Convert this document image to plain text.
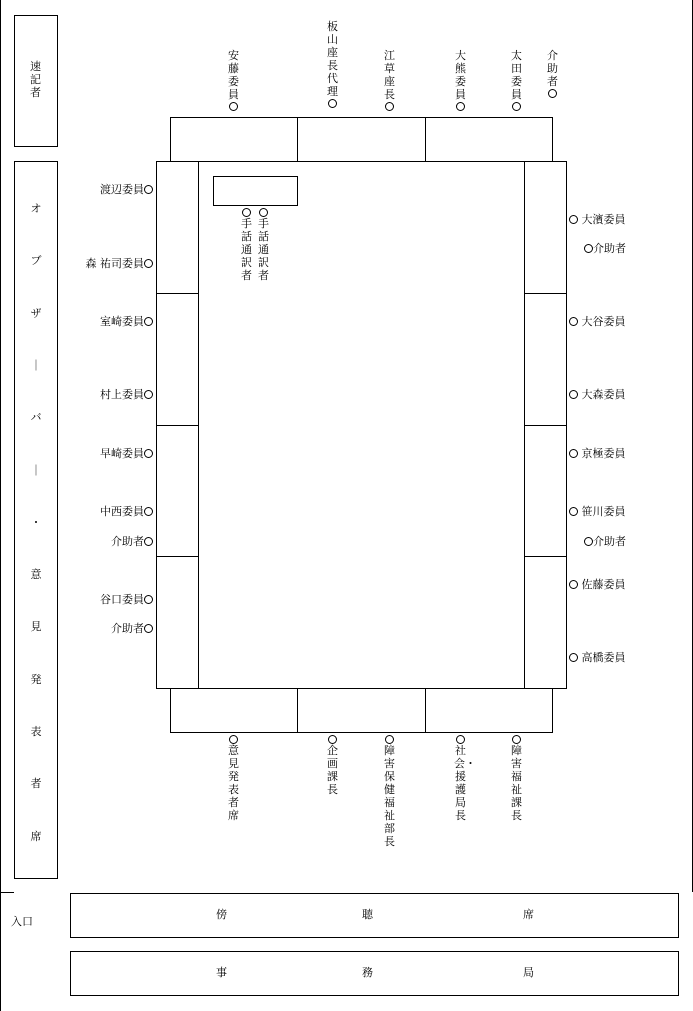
速記者
オ
ブ
ザ
｜
バ
｜
・
意
見
発
表
者
席
手話通訳者
手話通訳者
安藤委員
板山座長代理
江草座長
大熊委員
太田委員
介助者
渡辺委員
森 祐司委員
室崎委員
村上委員
早崎委員
中西委員
介助者
谷口委員
介助者
大濱委員
介助者
大谷委員
大森委員
京極委員
笹川委員
介助者
佐藤委員
高橋委員
意見発表者席
企画課長
障害保健福祉部長
社会・援護局長
障害福祉課長
入口
傍	聴	席
事	務	局
